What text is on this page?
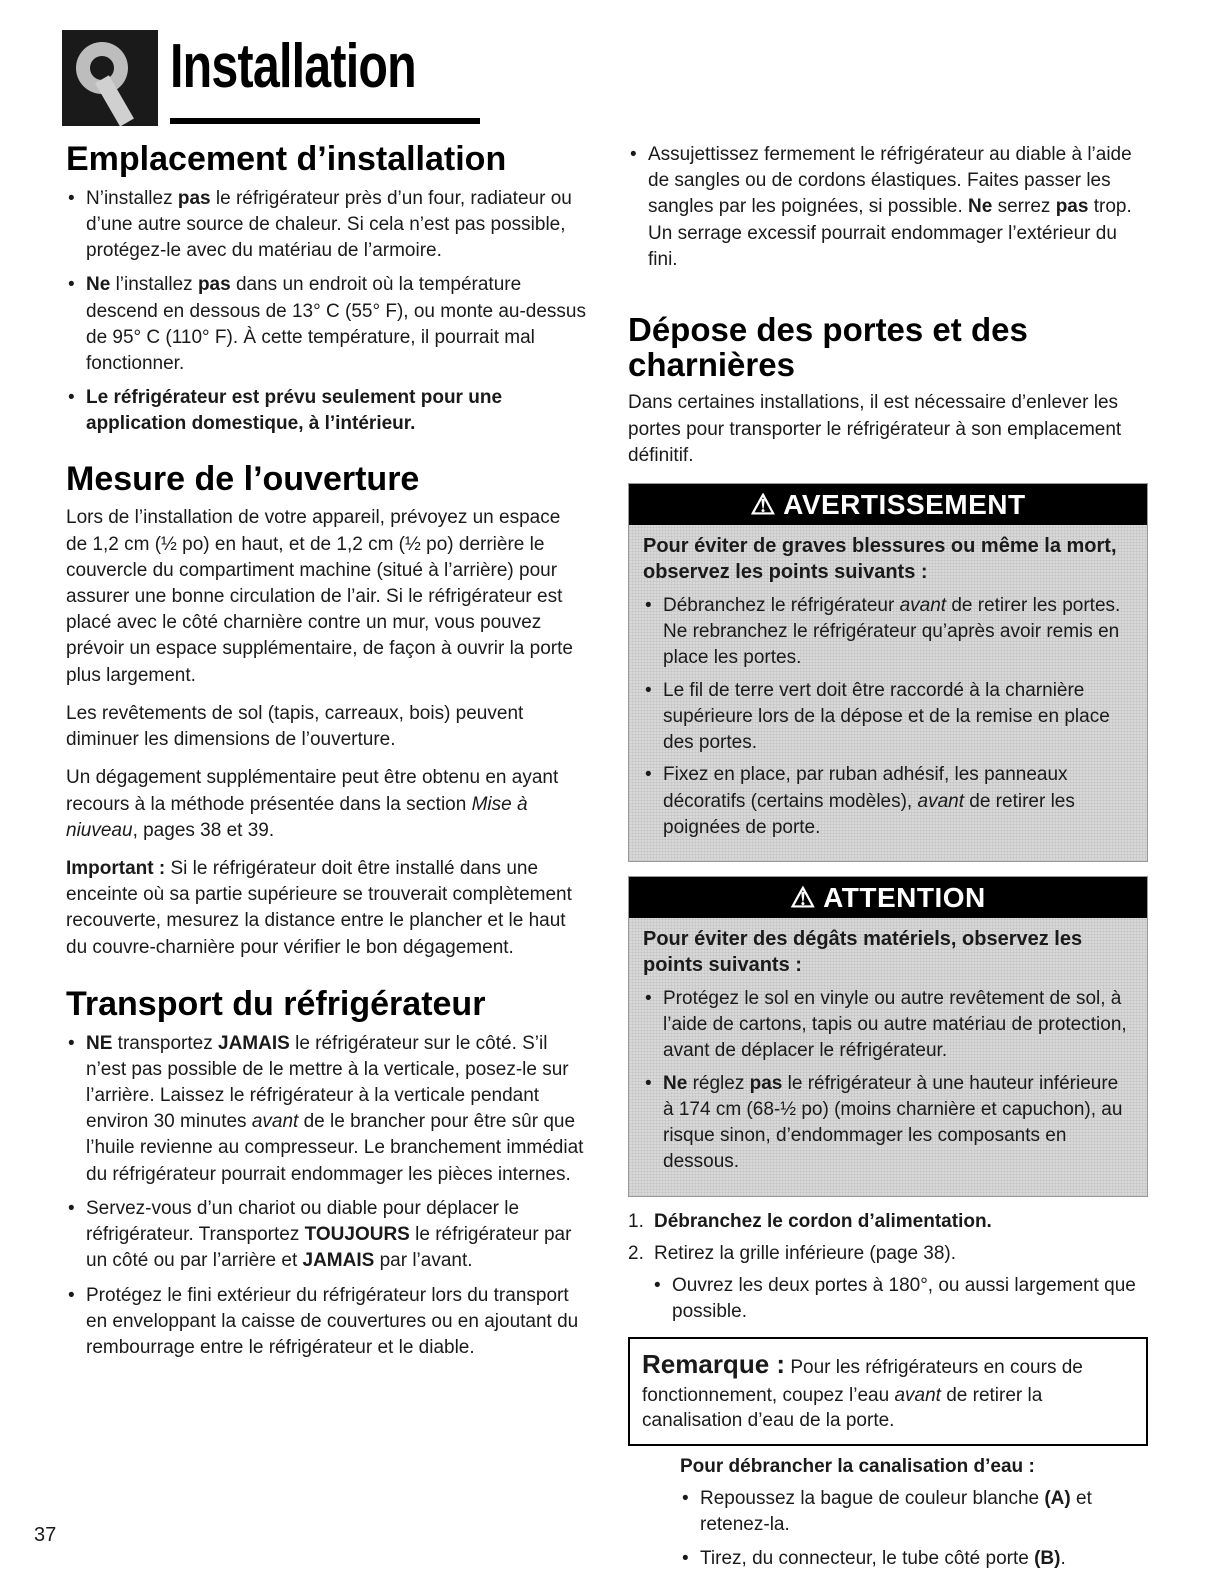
Installation
Emplacement d’installation
• N’installez pas le réfrigérateur près d’un four, radiateur ou d’une autre source de chaleur. Si cela n’est pas possible, protégez-le avec du matériau de l’armoire.
• Ne l’installez pas dans un endroit où la température descend en dessous de 13° C (55° F), ou monte au-dessus de 95° C (110° F). À cette température, il pourrait mal fonctionner.
• Le réfrigérateur est prévu seulement pour une application domestique, à l’intérieur.
Mesure de l’ouverture

Lors de l’installation de votre appareil, prévoyez un espace de 1,2 cm (½ po) en haut, et de 1,2 cm (½ po) derrière le couvercle du compartiment machine (situé à l’arrière) pour assurer une bonne circulation de l’air. Si le réfrigérateur est placé avec le côté charnière contre un mur, vous pouvez prévoir un espace supplémentaire, de façon à ouvrir la porte plus largement.

Les revêtements de sol (tapis, carreaux, bois) peuvent diminuer les dimensions de l’ouverture.

Un dégagement supplémentaire peut être obtenu en ayant recours à la méthode présentée dans la section Mise à niuveau, pages 38 et 39.

Important : Si le réfrigérateur doit être installé dans une enceinte où sa partie supérieure se trouverait complètement recouverte, mesurez la distance entre le plancher et le haut du couvre-charnière pour vérifier le bon dégagement.

Transport du réfrigérateur
• NE transportez JAMAIS le réfrigérateur sur le côté. S’il n’est pas possible de le mettre à la verticale, posez-le sur l’arrière. Laissez le réfrigérateur à la verticale pendant environ 30 minutes avant de le brancher pour être sûr que l’huile revienne au compresseur. Le branchement immédiat du réfrigérateur pourrait endommager les pièces internes.
• Servez-vous d’un chariot ou diable pour déplacer le réfrigérateur. Transportez TOUJOURS le réfrigérateur par un côté ou par l’arrière et JAMAIS par l’avant.
• Protégez le fini extérieur du réfrigérateur lors du transport en enveloppant la caisse de couvertures ou en ajoutant du rembourrage entre le réfrigérateur et le diable.
• Assujettissez fermement le réfrigérateur au diable à l’aide de sangles ou de cordons élastiques. Faites passer les sangles par les poignées, si possible. Ne serrez pas trop. Un serrage excessif pourrait endommager l’extérieur du fini.
Dépose des portes et des charnières

Dans certaines installations, il est nécessaire d’enlever les portes pour transporter le réfrigérateur à son emplacement définitif.

⚠ AVERTISSEMENT
Pour éviter de graves blessures ou même la mort, observez les points suivants :
• Débranchez le réfrigérateur avant de retirer les portes. Ne rebranchez le réfrigérateur qu’après avoir remis en place les portes.
• Le fil de terre vert doit être raccordé à la charnière supérieure lors de la dépose et de la remise en place des portes.
• Fixez en place, par ruban adhésif, les panneaux décoratifs (certains modèles), avant de retirer les poignées de porte.
⚠ ATTENTION
Pour éviter des dégâts matériels, observez les points suivants :
• Protégez le sol en vinyle ou autre revêtement de sol, à l’aide de cartons, tapis ou autre matériau de protection, avant de déplacer le réfrigérateur.
• Ne réglez pas le réfrigérateur à une hauteur inférieure à 174 cm (68-½ po) (moins charnière et capuchon), au risque sinon, d’endommager les composants en dessous.
1. Débranchez le cordon d’alimentation.
2. Retirez la grille inférieure (page 38).
• Ouvrez les deux portes à 180°, ou aussi largement que possible.
Remarque : Pour les réfrigérateurs en cours de fonctionnement, coupez l’eau avant de retirer la canalisation d’eau de la porte.
Pour débrancher la canalisation d’eau :
• Repoussez la bague de couleur blanche (A) et retenez-la.
• Tirez, du connecteur, le tube côté porte (B).
37
